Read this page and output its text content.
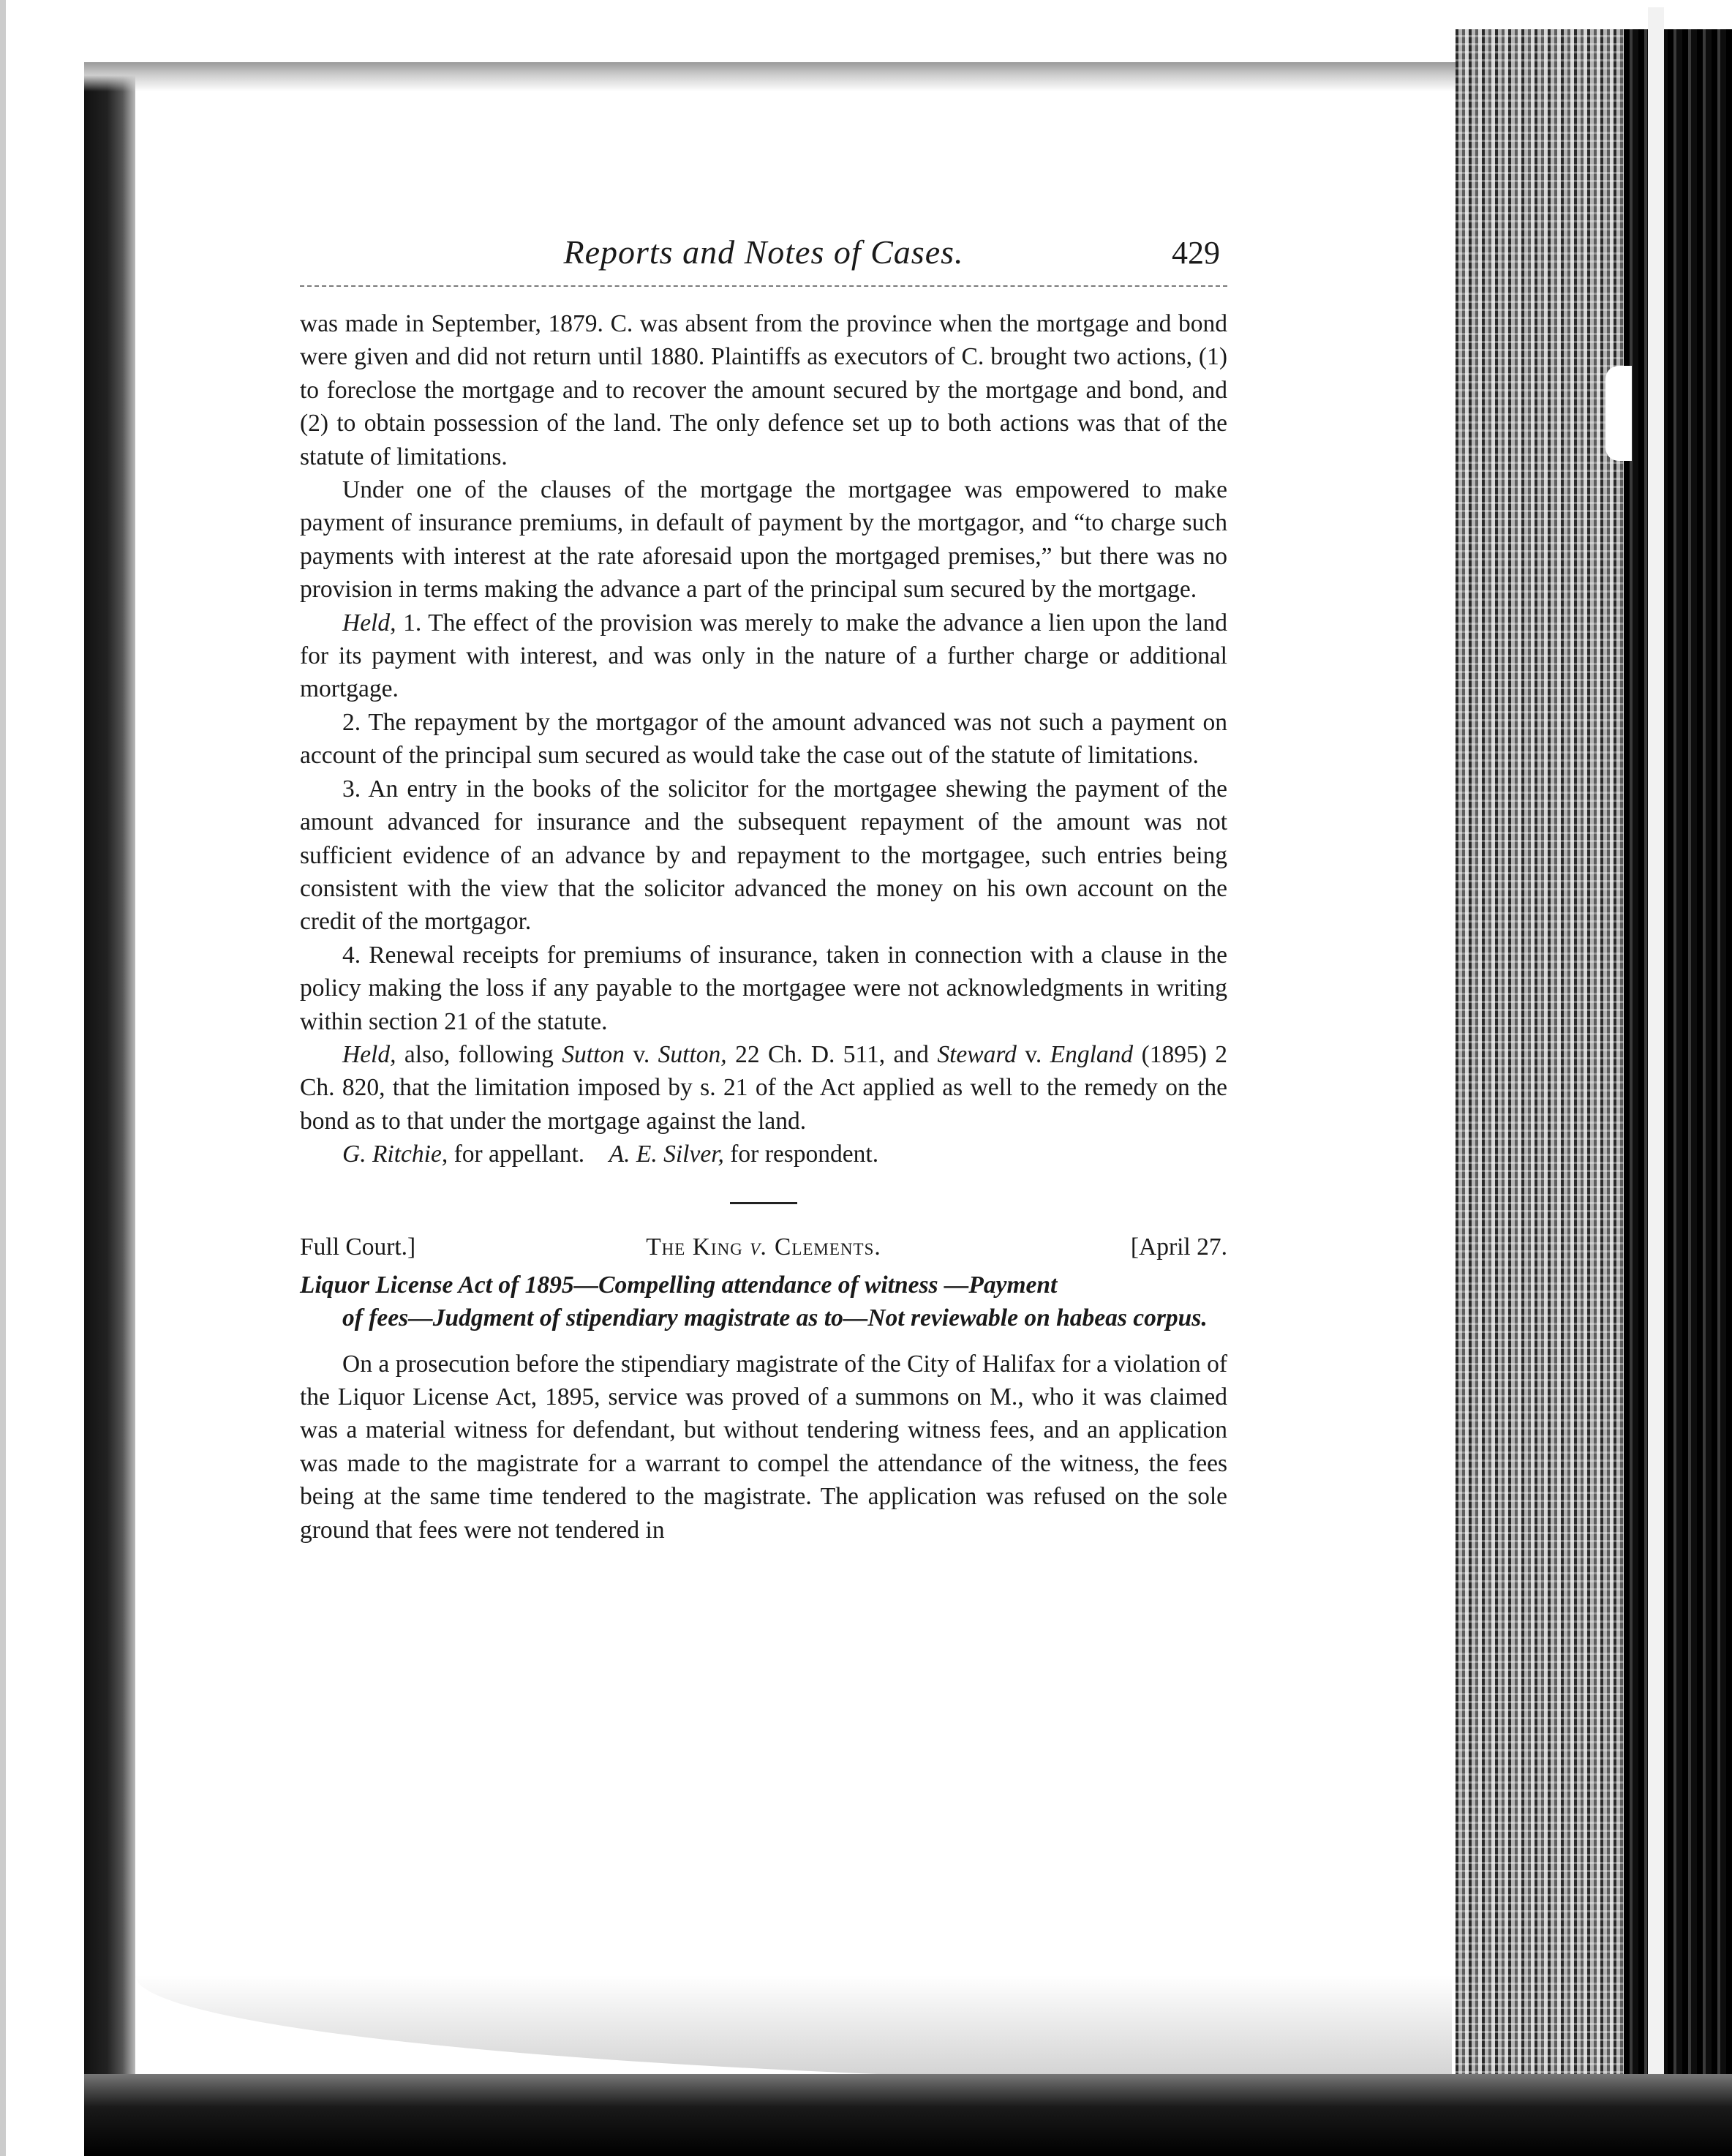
Reports and Notes of Cases.	429

was made in September, 1879. C. was absent from the province when the mortgage and bond were given and did not return until 1880. Plaintiffs as executors of C. brought two actions, (1) to foreclose the mortgage and to recover the amount secured by the mortgage and bond, and (2) to obtain possession of the land. The only defence set up to both actions was that of the statute of limitations.

Under one of the clauses of the mortgage the mortgagee was empowered to make payment of insurance premiums, in default of payment by the mortgagor, and “to charge such payments with interest at the rate aforesaid upon the mortgaged premises,” but there was no provision in terms making the advance a part of the principal sum secured by the mortgage.

Held, 1. The effect of the provision was merely to make the advance a lien upon the land for its payment with interest, and was only in the nature of a further charge or additional mortgage.

2. The repayment by the mortgagor of the amount advanced was not such a payment on account of the principal sum secured as would take the case out of the statute of limitations.

3. An entry in the books of the solicitor for the mortgagee shewing the payment of the amount advanced for insurance and the subsequent repayment of the amount was not sufficient evidence of an advance by and repayment to the mortgagee, such entries being consistent with the view that the solicitor advanced the money on his own account on the credit of the mortgagor.

4. Renewal receipts for premiums of insurance, taken in connection with a clause in the policy making the loss if any payable to the mortgagee were not acknowledgments in writing within section 21 of the statute.

Held, also, following Sutton v. Sutton, 22 Ch. D. 511, and Steward v. England (1895) 2 Ch. 820, that the limitation imposed by s. 21 of the Act applied as well to the remedy on the bond as to that under the mortgage against the land.

G. Ritchie, for appellant. A. E. Silver, for respondent.

Full Court.]	The King v. Clements.	[April 27.
Liquor License Act of 1895—Compelling attendance of witness —Payment
of fees—Judgment of stipendiary magistrate as to—Not reviewable on habeas corpus.

On a prosecution before the stipendiary magistrate of the City of Halifax for a violation of the Liquor License Act, 1895, service was proved of a summons on M., who it was claimed was a material witness for defendant, but without tendering witness fees, and an application was made to the magistrate for a warrant to compel the attendance of the witness, the fees being at the same time tendered to the magistrate. The application was refused on the sole ground that fees were not tendered in
